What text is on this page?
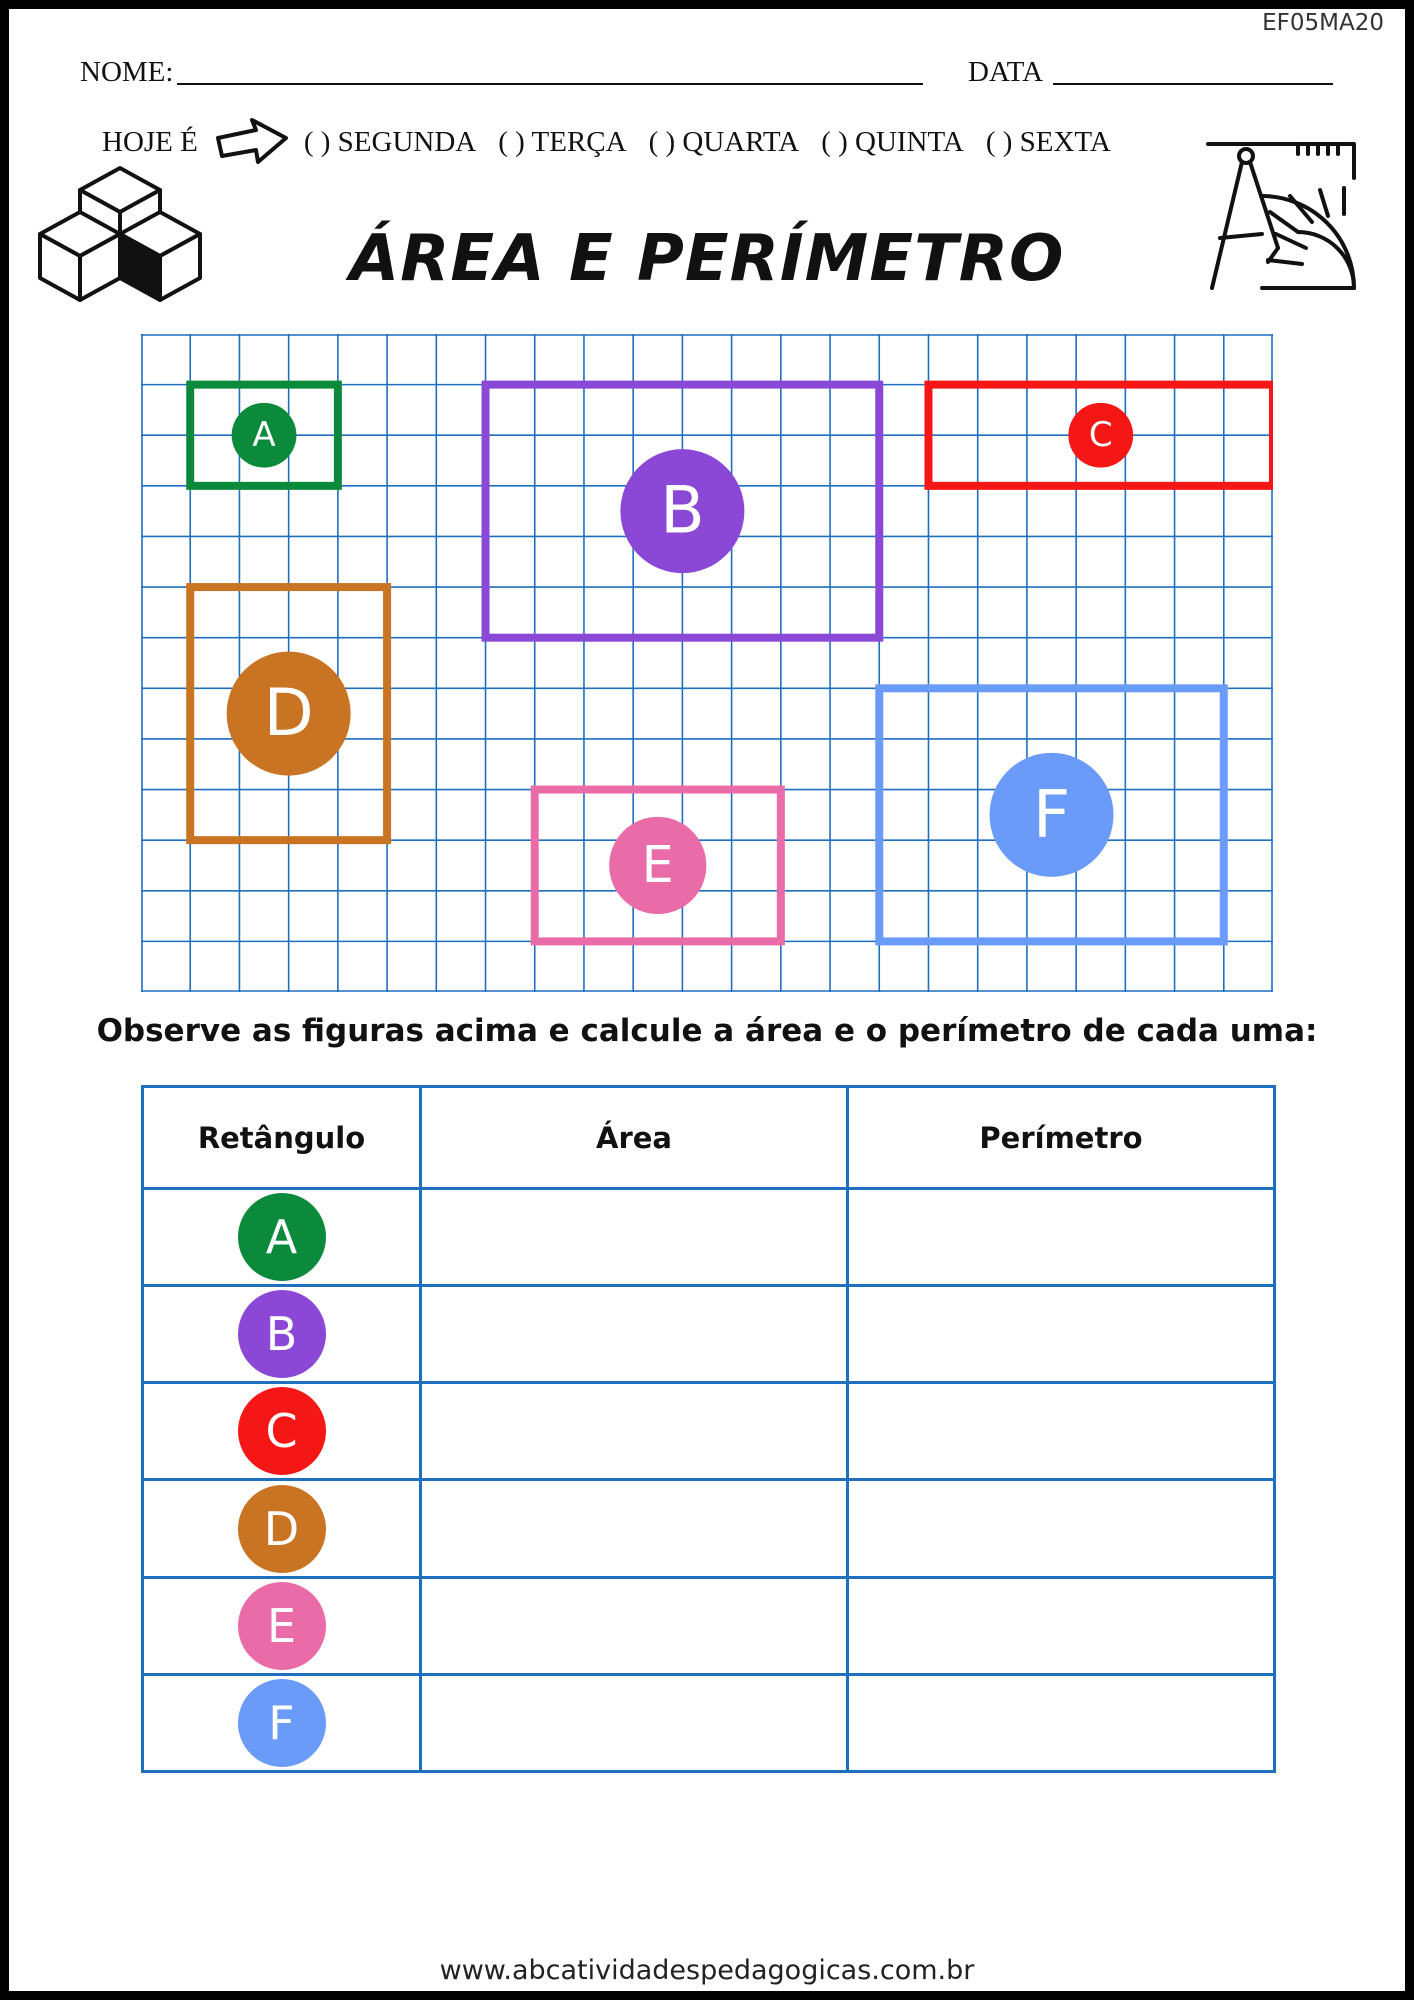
EF05MA20
NOME:	DATA
HOJE É	( ) SEGUNDA ( ) TERÇA ( ) QUARTA ( ) QUINTA ( ) SEXTA
ÁREA E PERÍMETRO
A
B
C
D
E
F
Observe as figuras acima e calcule a área e o perímetro de cada uma:
Retângulo	Área	Perímetro
A		
B		
C		
D		
E		
F		
www.abcatividadespedagogicas.com.br
